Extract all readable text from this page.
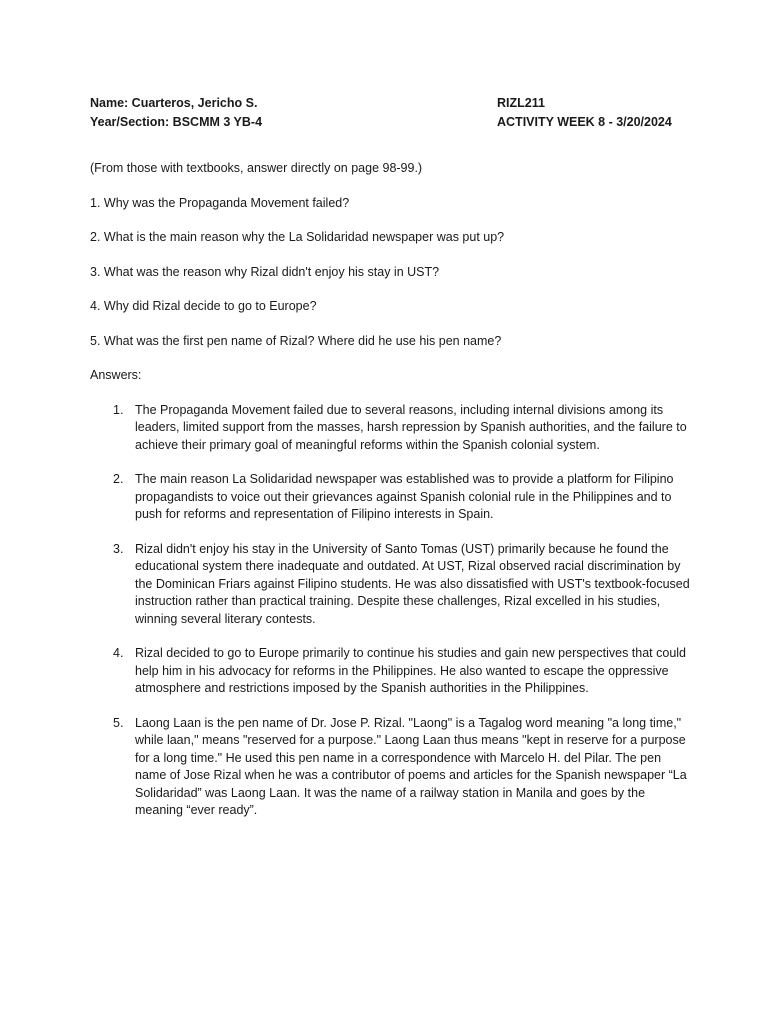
Name: Cuarteros, Jericho S.
Year/Section: BSCMM 3 YB-4
RIZL211
ACTIVITY WEEK 8 - 3/20/2024

(From those with textbooks, answer directly on page 98-99.)

1. Why was the Propaganda Movement failed?

2. What is the main reason why the La Solidaridad newspaper was put up?

3. What was the reason why Rizal didn't enjoy his stay in UST?

4. Why did Rizal decide to go to Europe?

5. What was the first pen name of Rizal? Where did he use his pen name?

Answers:

1. The Propaganda Movement failed due to several reasons, including internal divisions among its leaders, limited support from the masses, harsh repression by Spanish authorities, and the failure to achieve their primary goal of meaningful reforms within the Spanish colonial system.
2. The main reason La Solidaridad newspaper was established was to provide a platform for Filipino propagandists to voice out their grievances against Spanish colonial rule in the Philippines and to push for reforms and representation of Filipino interests in Spain.
3. Rizal didn't enjoy his stay in the University of Santo Tomas (UST) primarily because he found the educational system there inadequate and outdated. At UST, Rizal observed racial discrimination by the Dominican Friars against Filipino students. He was also dissatisfied with UST's textbook-focused instruction rather than practical training. Despite these challenges, Rizal excelled in his studies, winning several literary contests.
4. Rizal decided to go to Europe primarily to continue his studies and gain new perspectives that could help him in his advocacy for reforms in the Philippines. He also wanted to escape the oppressive atmosphere and restrictions imposed by the Spanish authorities in the Philippines.
5. Laong Laan is the pen name of Dr. Jose P. Rizal. "Laong" is a Tagalog word meaning "a long time," while laan," means "reserved for a purpose." Laong Laan thus means "kept in reserve for a purpose for a long time." He used this pen name in a correspondence with Marcelo H. del Pilar. The pen name of Jose Rizal when he was a contributor of poems and articles for the Spanish newspaper “La Solidaridad” was Laong Laan. It was the name of a railway station in Manila and goes by the meaning “ever ready”.
